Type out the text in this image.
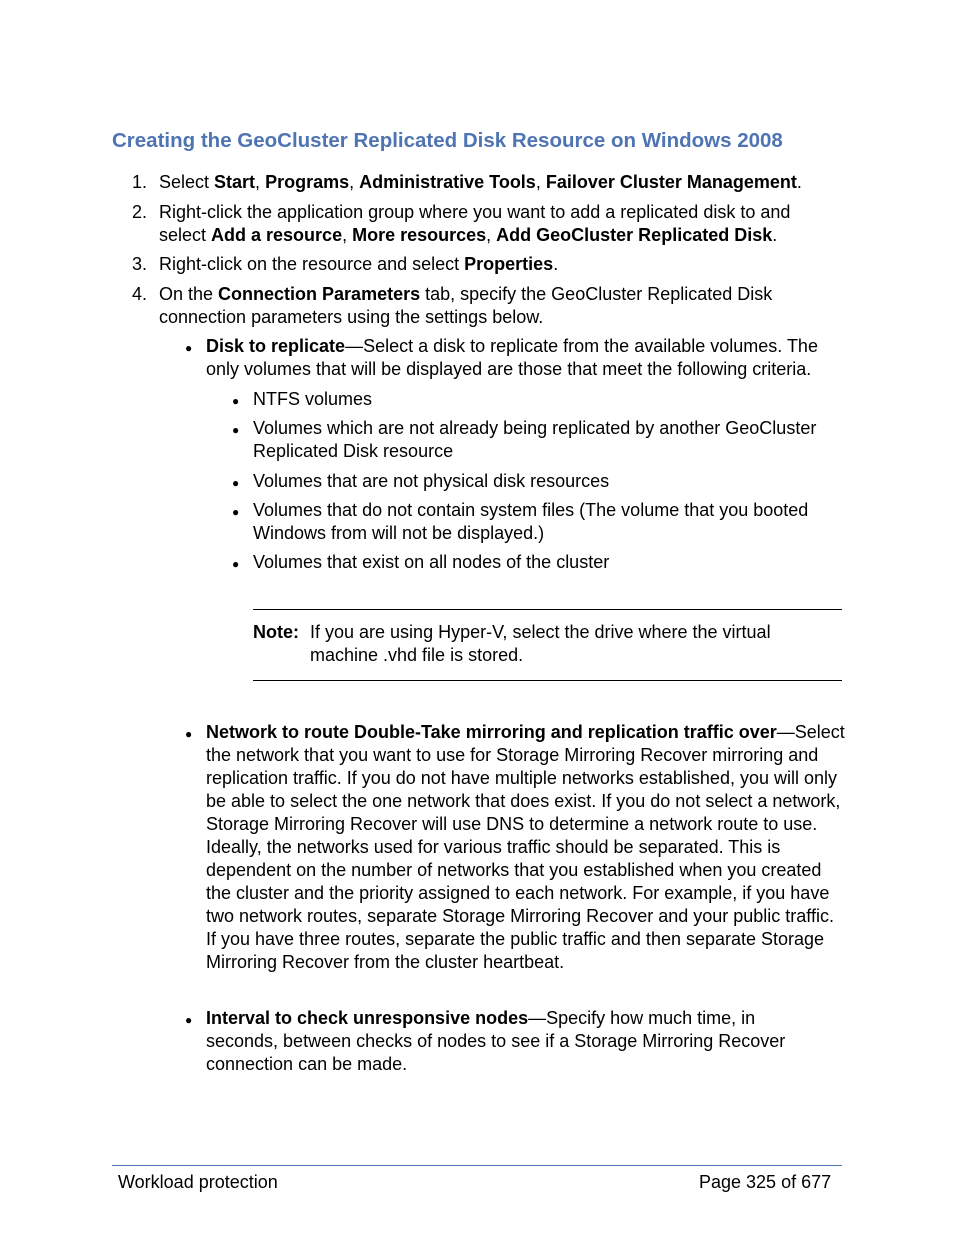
Creating the GeoCluster Replicated Disk Resource on Windows 2008
1. Select Start, Programs, Administrative Tools, Failover Cluster Management.

2. Right-click the application group where you want to add a replicated disk to and select Add a resource, More resources, Add GeoCluster Replicated Disk.

3. Right-click on the resource and select Properties.

4. On the Connection Parameters tab, specify the GeoCluster Replicated Disk connection parameters using the settings below.

● Disk to replicate—Select a disk to replicate from the available volumes. The only volumes that will be displayed are those that meet the following criteria.

● NTFS volumes

● Volumes which are not already being replicated by another GeoCluster Replicated Disk resource

● Volumes that are not physical disk resources

● Volumes that do not contain system files (The volume that you booted Windows from will not be displayed.)

● Volumes that exist on all nodes of the cluster

Note: If you are using Hyper-V, select the drive where the virtual machine .vhd file is stored.

● Network to route Double-Take mirroring and replication traffic over—Select the network that you want to use for Storage Mirroring Recover mirroring and replication traffic. If you do not have multiple networks established, you will only be able to select the one network that does exist. If you do not select a network, Storage Mirroring Recover will use DNS to determine a network route to use. Ideally, the networks used for various traffic should be separated. This is dependent on the number of networks that you established when you created the cluster and the priority assigned to each network. For example, if you have two network routes, separate Storage Mirroring Recover and your public traffic. If you have three routes, separate the public traffic and then separate Storage Mirroring Recover from the cluster heartbeat.

● Interval to check unresponsive nodes—Specify how much time, in seconds, between checks of nodes to see if a Storage Mirroring Recover connection can be made.

Workload protection	Page 325 of 677
